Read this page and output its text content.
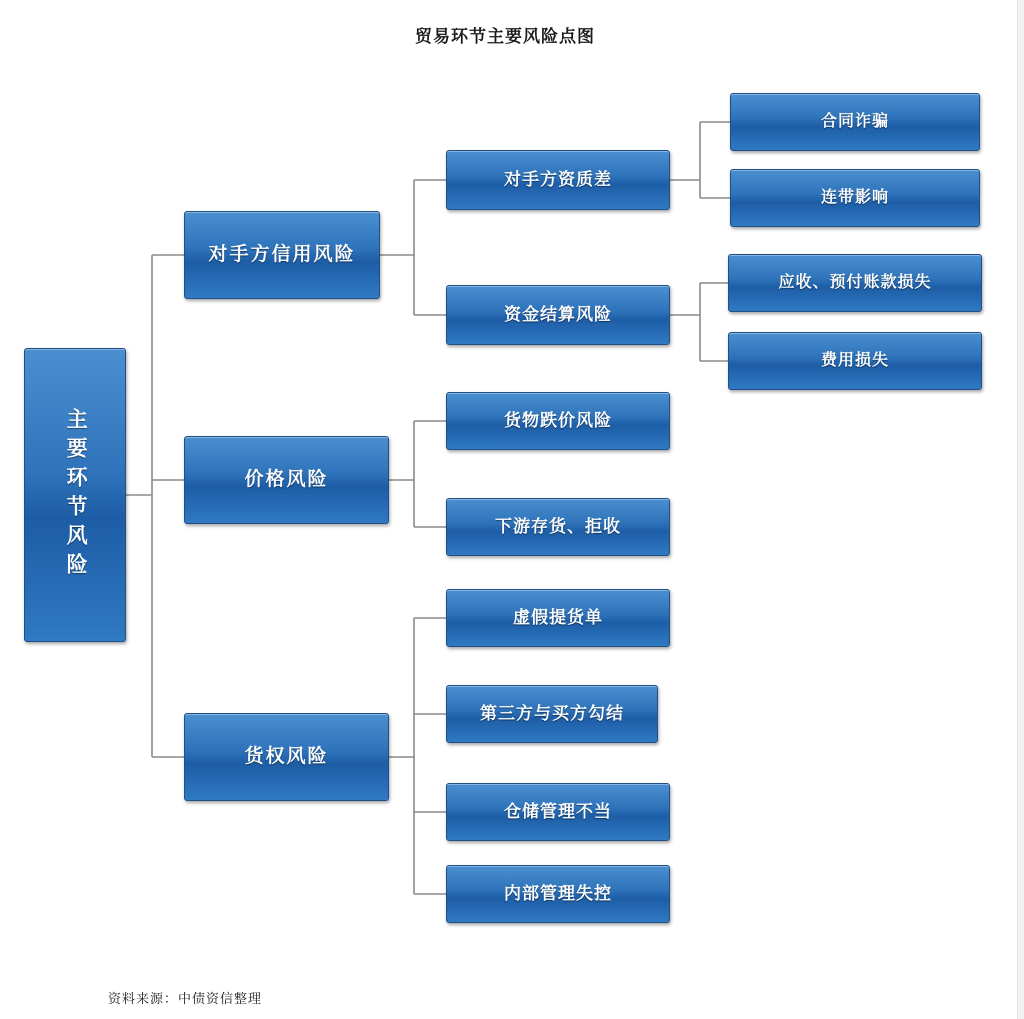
贸易环节主要风险点图
主要环节风险
对手方信用风险
价格风险
货权风险
对手方资质差
资金结算风险
货物跌价风险
下游存货、拒收
虚假提货单
第三方与买方勾结
仓储管理不当
内部管理失控
合同诈骗
连带影响
应收、预付账款损失
费用损失
资料来源：中债资信整理
